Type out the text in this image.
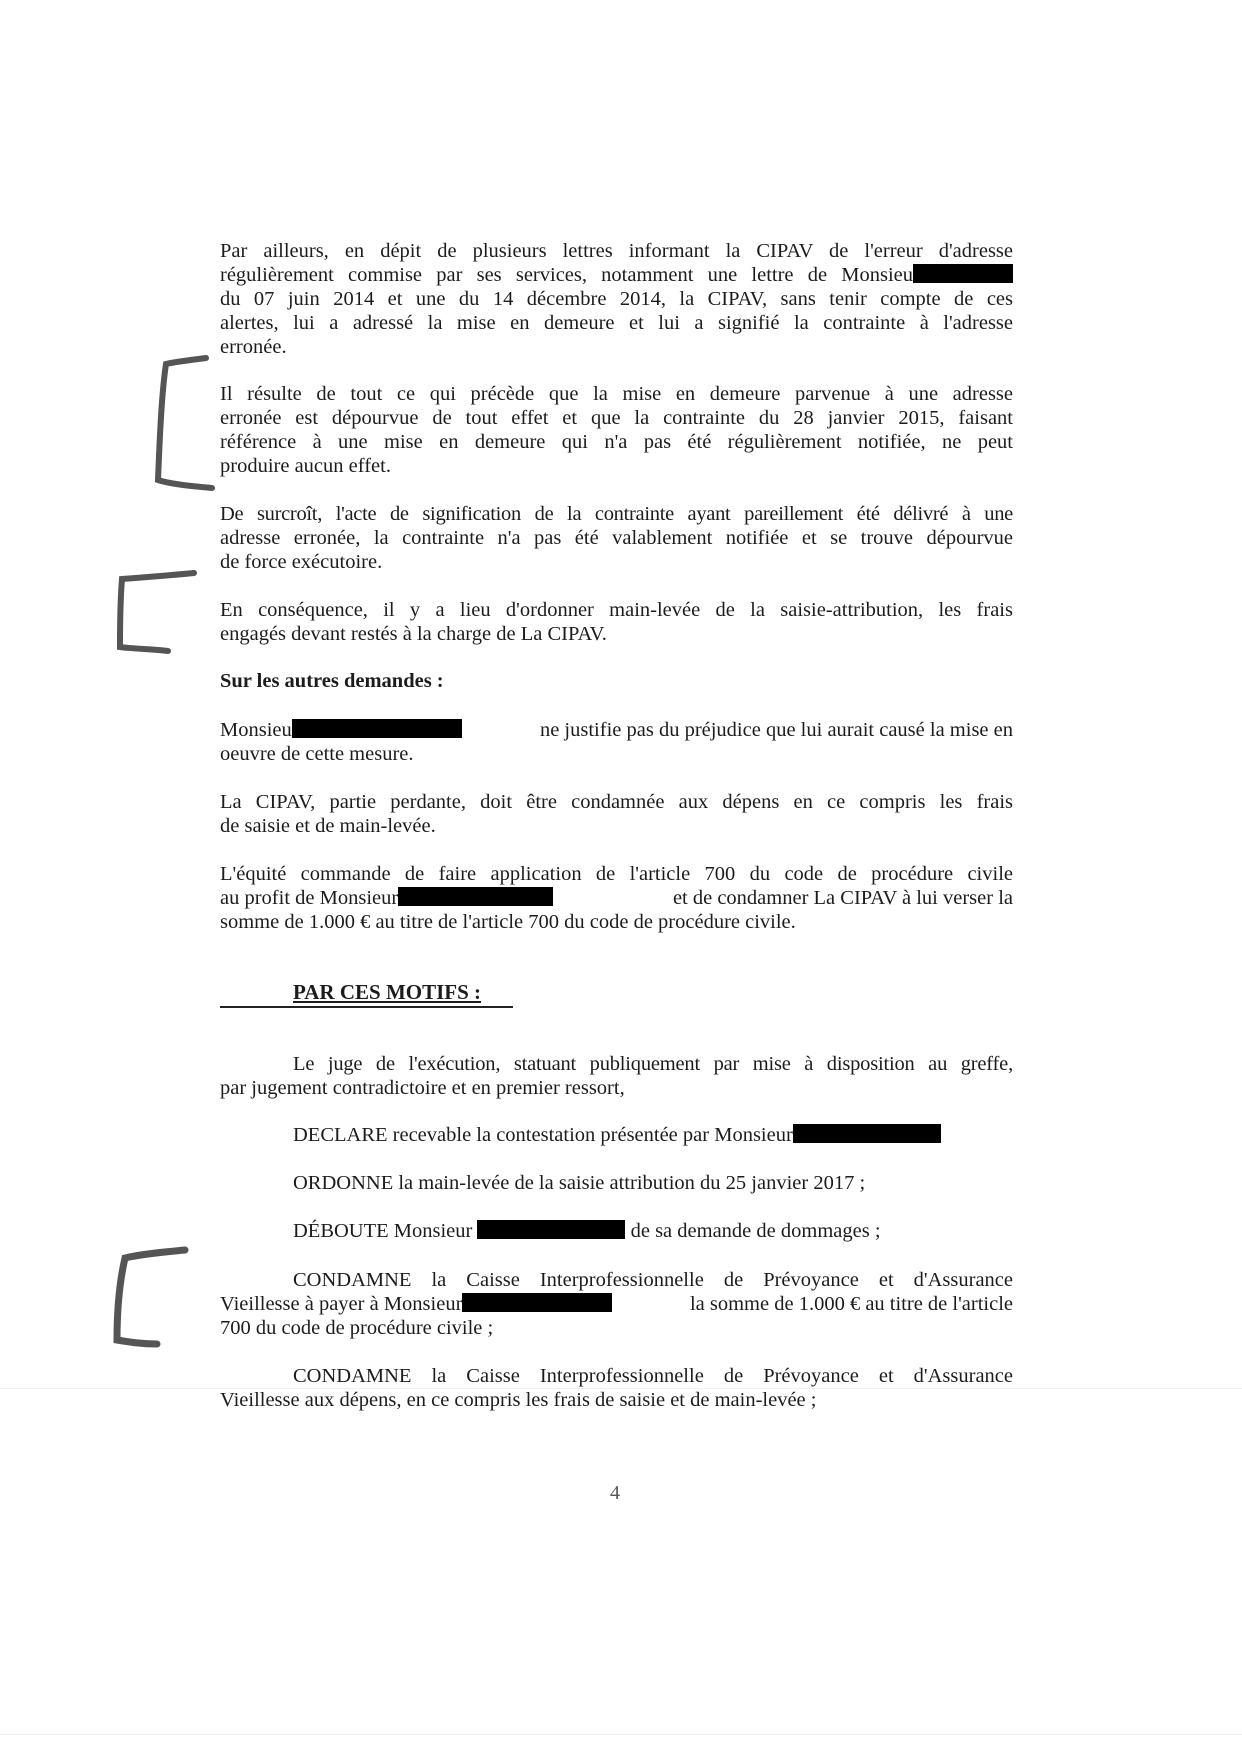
Par ailleurs, en dépit de plusieurs lettres informant la CIPAV de l'erreur d'adresse
régulièrement commise par ses services, notamment une lettre de Monsieu
du 07 juin 2014 et une du 14 décembre 2014, la CIPAV, sans tenir compte de ces
alertes, lui a adressé la mise en demeure et lui a signifié la contrainte à l'adresse
erronée.
Il résulte de tout ce qui précède que la mise en demeure parvenue à une adresse
erronée est dépourvue de tout effet et que la contrainte du 28 janvier 2015, faisant
référence à une mise en demeure qui n'a pas été régulièrement notifiée, ne peut
produire aucun effet.
De surcroît, l'acte de signification de la contrainte ayant pareillement été délivré à une
adresse erronée, la contrainte n'a pas été valablement notifiée et se trouve dépourvue
de force exécutoire.
En conséquence, il y a lieu d'ordonner main-levée de la saisie-attribution, les frais
engagés devant restés à la charge de La CIPAV.
Sur les autres demandes :
Monsieu	ne justifie pas du préjudice que lui aurait causé la mise en
oeuvre de cette mesure.
La CIPAV, partie perdante, doit être condamnée aux dépens en ce compris les frais
de saisie et de main-levée.
L'équité commande de faire application de l'article 700 du code de procédure civile
au profit de Monsieur	et de condamner La CIPAV à lui verser la
somme de 1.000 € au titre de l'article 700 du code de procédure civile.
PAR CES MOTIFS :
Le juge de l'exécution, statuant publiquement par mise à disposition au greffe,
par jugement contradictoire et en premier ressort,
DECLARE recevable la contestation présentée par Monsieur
ORDONNE la main-levée de la saisie attribution du 25 janvier 2017 ;
DÉBOUTE Monsieur	de sa demande de dommages ;
CONDAMNE la Caisse Interprofessionnelle de Prévoyance et d'Assurance
Vieillesse à payer à Monsieur	la somme de 1.000 € au titre de l'article
700 du code de procédure civile ;
CONDAMNE la Caisse Interprofessionnelle de Prévoyance et d'Assurance
Vieillesse aux dépens, en ce compris les frais de saisie et de main-levée ;
4
